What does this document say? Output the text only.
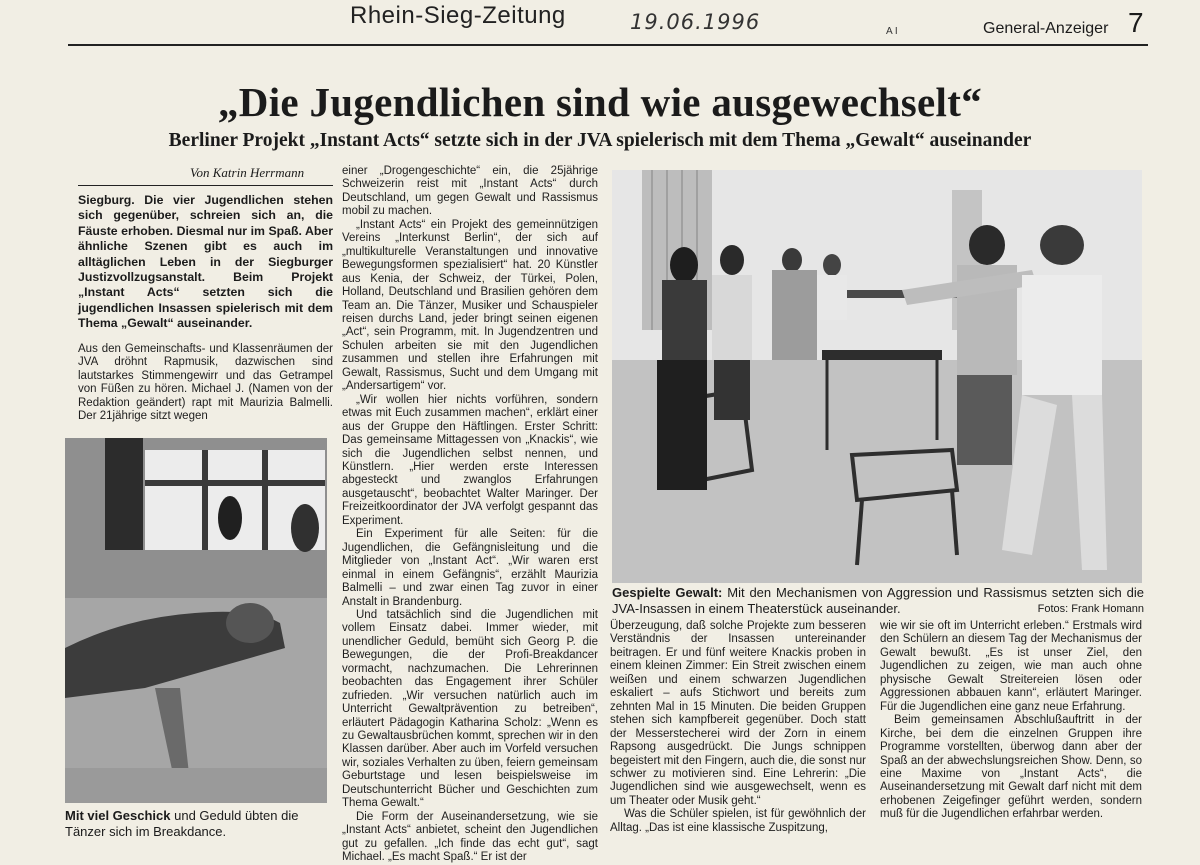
Rhein-Sieg-Zeitung	19.06.1996	A I	General-Anzeiger 7
„Die Jugendlichen sind wie ausgewechselt“
Berliner Projekt „Instant Acts“ setzte sich in der JVA spielerisch mit dem Thema „Gewalt“ auseinander
Von Katrin Herrmann
Siegburg. Die vier Jugendlichen stehen sich gegenüber, schreien sich an, die Fäuste erhoben. Diesmal nur im Spaß. Aber ähnliche Szenen gibt es auch im alltäglichen Leben in der Siegburger Justizvollzugsanstalt. Beim Projekt „Instant Acts“ setzten sich die jugendlichen Insassen spielerisch mit dem Thema „Gewalt“ auseinander.

Aus den Gemeinschafts- und Klassenräumen der JVA dröhnt Rapmusik, dazwischen sind lautstarkes Stimmengewirr und das Getrampel von Füßen zu hören. Michael J. (Namen von der Redaktion geändert) rapt mit Maurizia Balmelli. Der 21jährige sitzt wegen

Mit viel Geschick und Geduld übten die Tänzer sich im Breakdance.

einer „Drogengeschichte“ ein, die 25jährige Schweizerin reist mit „Instant Acts“ durch Deutschland, um gegen Gewalt und Rassismus mobil zu machen.

„Instant Acts“ ein Projekt des gemeinnützigen Vereins „Interkunst Berlin“, der sich auf „multikulturelle Veranstaltungen und innovative Bewegungsformen spezialisiert“ hat. 20 Künstler aus Kenia, der Schweiz, der Türkei, Polen, Holland, Deutschland und Brasilien gehören dem Team an. Die Tänzer, Musiker und Schauspieler reisen durchs Land, jeder bringt seinen eigenen „Act“, sein Programm, mit. In Jugendzentren und Schulen arbeiten sie mit den Jugendlichen zusammen und stellen ihre Erfahrungen mit Gewalt, Rassismus, Sucht und dem Umgang mit „Andersartigem“ vor.

„Wir wollen hier nichts vorführen, sondern etwas mit Euch zusammen machen“, erklärt einer aus der Gruppe den Häftlingen. Erster Schritt: Das gemeinsame Mittagessen von „Knackis“, wie sich die Jugendlichen selbst nennen, und Künstlern. „Hier werden erste Interessen abgesteckt und zwanglos Erfahrungen ausgetauscht“, beobachtet Walter Maringer. Der Freizeitkoordinator der JVA verfolgt gespannt das Experiment.

Ein Experiment für alle Seiten: für die Jugendlichen, die Gefängnisleitung und die Mitglieder von „Instant Act“. „Wir waren erst einmal in einem Gefängnis“, erzählt Maurizia Balmelli – und zwar einen Tag zuvor in einer Anstalt in Brandenburg.

Und tatsächlich sind die Jugendlichen mit vollem Einsatz dabei. Immer wieder, mit unendlicher Geduld, bemüht sich Georg P. die Bewegungen, die der Profi-Breakdancer vormacht, nachzumachen. Die Lehrerinnen beobachten das Engagement ihrer Schüler zufrieden. „Wir versuchen natürlich auch im Unterricht Gewaltprävention zu betreiben“, erläutert Pädagogin Katharina Scholz: „Wenn es zu Gewaltausbrüchen kommt, sprechen wir in den Klassen darüber. Aber auch im Vorfeld versuchen wir, soziales Verhalten zu üben, feiern gemeinsam Geburtstage und lesen beispielsweise im Deutschunterricht Bücher und Geschichten zum Thema Gewalt.“

Die Form der Auseinandersetzung, wie sie „Instant Acts“ anbietet, scheint den Jugendlichen gut zu gefallen. „Ich finde das echt gut“, sagt Michael. „Es macht Spaß.“ Er ist der

Gespielte Gewalt: Mit den Mechanismen von Aggression und Rassismus setzten sich die JVA-Insassen in einem Theaterstück auseinander.	Fotos: Frank Homann

Überzeugung, daß solche Projekte zum besseren Verständnis der Insassen untereinander beitragen. Er und fünf weitere Knackis proben in einem kleinen Zimmer: Ein Streit zwischen einem weißen und einem schwarzen Jugendlichen eskaliert – aufs Stichwort und bereits zum zehnten Mal in 15 Minuten. Die beiden Gruppen stehen sich kampfbereit gegenüber. Doch statt der Messerstecherei wird der Zorn in einem Rapsong ausgedrückt. Die Jungs schnippen begeistert mit den Fingern, auch die, die sonst nur schwer zu motivieren sind. Eine Lehrerin: „Die Jugendlichen sind wie ausgewechselt, wenn es um Theater oder Musik geht.“

Was die Schüler spielen, ist für gewöhnlich der Alltag. „Das ist eine klassische Zuspitzung,

wie wir sie oft im Unterricht erleben.“ Erstmals wird den Schülern an diesem Tag der Mechanismus der Gewalt bewußt. „Es ist unser Ziel, den Jugendlichen zu zeigen, wie man auch ohne physische Gewalt Streitereien lösen oder Aggressionen abbauen kann“, erläutert Maringer. Für die Jugendlichen eine ganz neue Erfahrung.

Beim gemeinsamen Abschlußauftritt in der Kirche, bei dem die einzelnen Gruppen ihre Programme vorstellten, überwog dann aber der Spaß an der abwechslungsreichen Show. Denn, so eine Maxime von „Instant Acts“, die Auseinandersetzung mit Gewalt darf nicht mit dem erhobenen Zeigefinger geführt werden, sondern muß für die Jugendlichen erfahrbar werden.
